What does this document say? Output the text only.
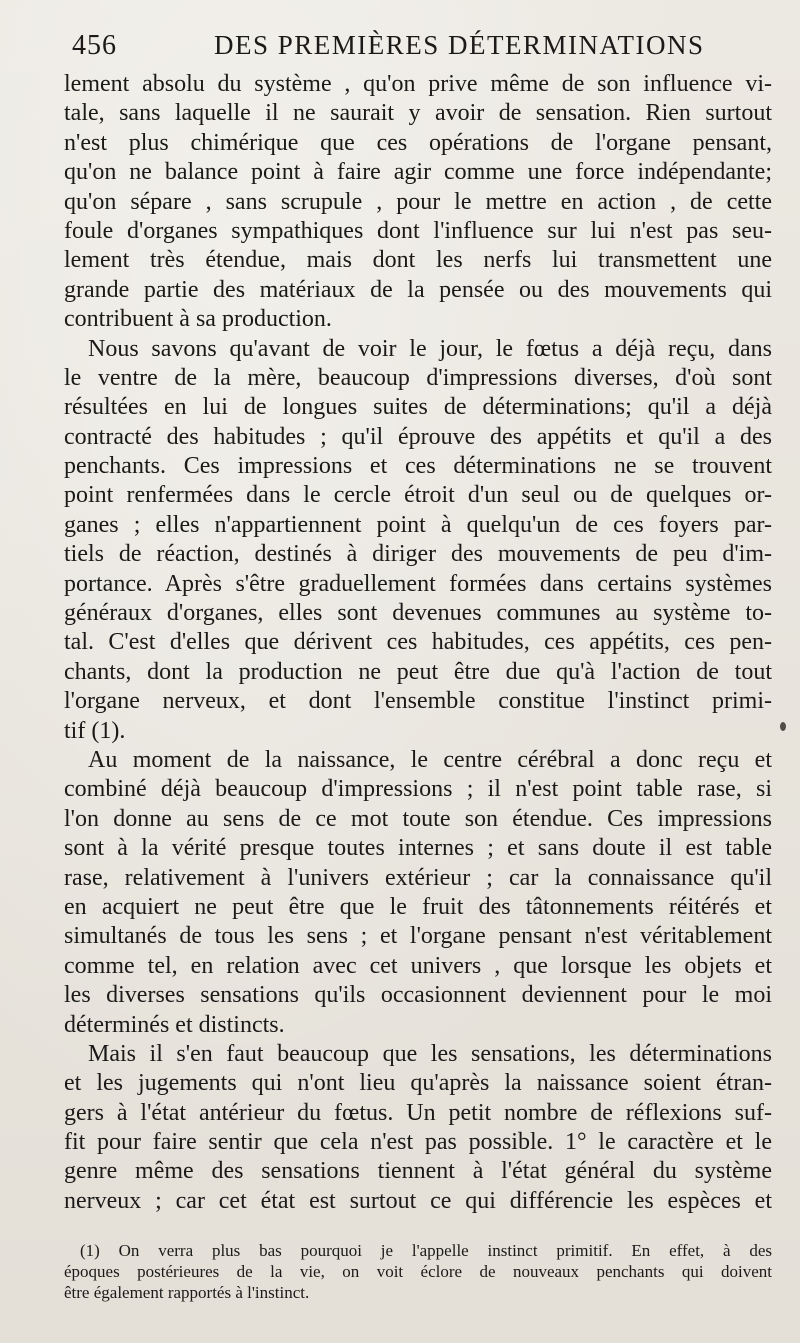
456	DES PREMIÈRES DÉTERMINATIONS
lement absolu du système , qu'on prive même de son influence vi-
tale, sans laquelle il ne saurait y avoir de sensation. Rien surtout
n'est plus chimérique que ces opérations de l'organe pensant,
qu'on ne balance point à faire agir comme une force indépendante;
qu'on sépare , sans scrupule , pour le mettre en action , de cette
foule d'organes sympathiques dont l'influence sur lui n'est pas seu-
lement très étendue, mais dont les nerfs lui transmettent une
grande partie des matériaux de la pensée ou des mouvements qui
contribuent à sa production.
Nous savons qu'avant de voir le jour, le fœtus a déjà reçu, dans
le ventre de la mère, beaucoup d'impressions diverses, d'où sont
résultées en lui de longues suites de déterminations; qu'il a déjà
contracté des habitudes ; qu'il éprouve des appétits et qu'il a des
penchants. Ces impressions et ces déterminations ne se trouvent
point renfermées dans le cercle étroit d'un seul ou de quelques or-
ganes ; elles n'appartiennent point à quelqu'un de ces foyers par-
tiels de réaction, destinés à diriger des mouvements de peu d'im-
portance. Après s'être graduellement formées dans certains systèmes
généraux d'organes, elles sont devenues communes au système to-
tal. C'est d'elles que dérivent ces habitudes, ces appétits, ces pen-
chants, dont la production ne peut être due qu'à l'action de tout
l'organe nerveux, et dont l'ensemble constitue l'instinct primi-
tif (1).
Au moment de la naissance, le centre cérébral a donc reçu et
combiné déjà beaucoup d'impressions ; il n'est point table rase, si
l'on donne au sens de ce mot toute son étendue. Ces impressions
sont à la vérité presque toutes internes ; et sans doute il est table
rase, relativement à l'univers extérieur ; car la connaissance qu'il
en acquiert ne peut être que le fruit des tâtonnements réitérés et
simultanés de tous les sens ; et l'organe pensant n'est véritablement
comme tel, en relation avec cet univers , que lorsque les objets et
les diverses sensations qu'ils occasionnent deviennent pour le moi
déterminés et distincts.
Mais il s'en faut beaucoup que les sensations, les déterminations
et les jugements qui n'ont lieu qu'après la naissance soient étran-
gers à l'état antérieur du fœtus. Un petit nombre de réflexions suf-
fit pour faire sentir que cela n'est pas possible. 1° le caractère et le
genre même des sensations tiennent à l'état général du système
nerveux ; car cet état est surtout ce qui différencie les espèces et
(1) On verra plus bas pourquoi je l'appelle instinct primitif. En effet, à des
époques postérieures de la vie, on voit éclore de nouveaux penchants qui doivent
être également rapportés à l'instinct.
